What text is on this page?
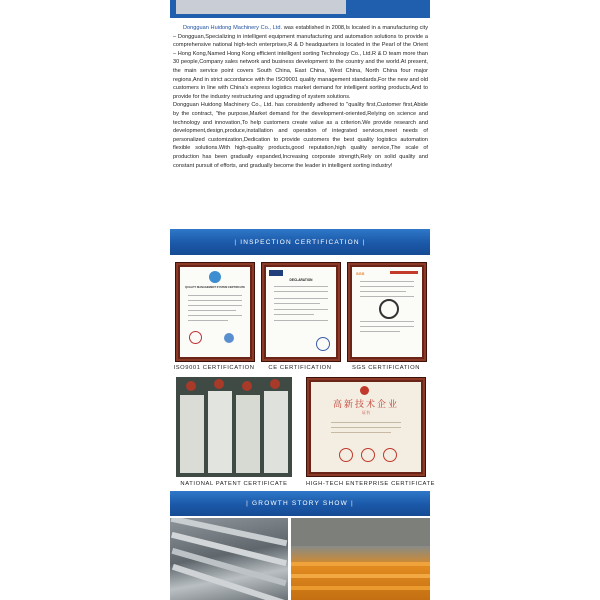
Dongguan Huidong Machinery Co., Ltd. was established in 2008,Is located in a manufacturing city – Dongguan,Specializing in intelligent equipment manufacturing and automation solutions to provide a comprehensive national high-tech enterprises,R & D headquarters is located in the Pearl of the Orient – Hong Kong,Named Hong Kong efficient intelligent sorting Technology Co., Ltd.R & D team more than 30 people,Company sales network and business development to the country and the world.At present, the main service point covers South China, East China, West China, North China four major regions,And in strict accordance with the ISO9001 quality management standards,For the new and old customers in line with China's express logistics market demand for intelligent sorting products,And to provide for the industry restructuring and upgrading of system solutions.

Dongguan Huidong Machinery Co., Ltd. has consistently adhered to "quality first,Customer first,Abide by the contract, "the purpose,Market demand for the development-oriented,Relying on science and technology and innovation,To help customers create value as a criterion.We provide research and development,design,produce,installation and operation of integrated services,meet needs of personalized customization,Dedication to provide customers the best quality logistics automation flexible solutions.With high-quality products,good reputation,high quality service,The scale of production has been gradually expanded,Increasing corporate strength,Rely on solid quality and constant pursuit of efforts, and gradually become the leader in intelligent sorting industry!

| INSPECTION CERTIFICATION |
QUALITY MANAGEMENT SYSTEM CERTIFICATE
ISO9001 CERTIFICATION
DECLARATION
CE CERTIFICATION
SGS
SGS CERTIFICATION
NATIONAL PATENT CERTIFICATE
高新技术企业
证书
HIGH-TECH ENTERPRISE CERTIFICATE
| GROWTH STORY SHOW |
